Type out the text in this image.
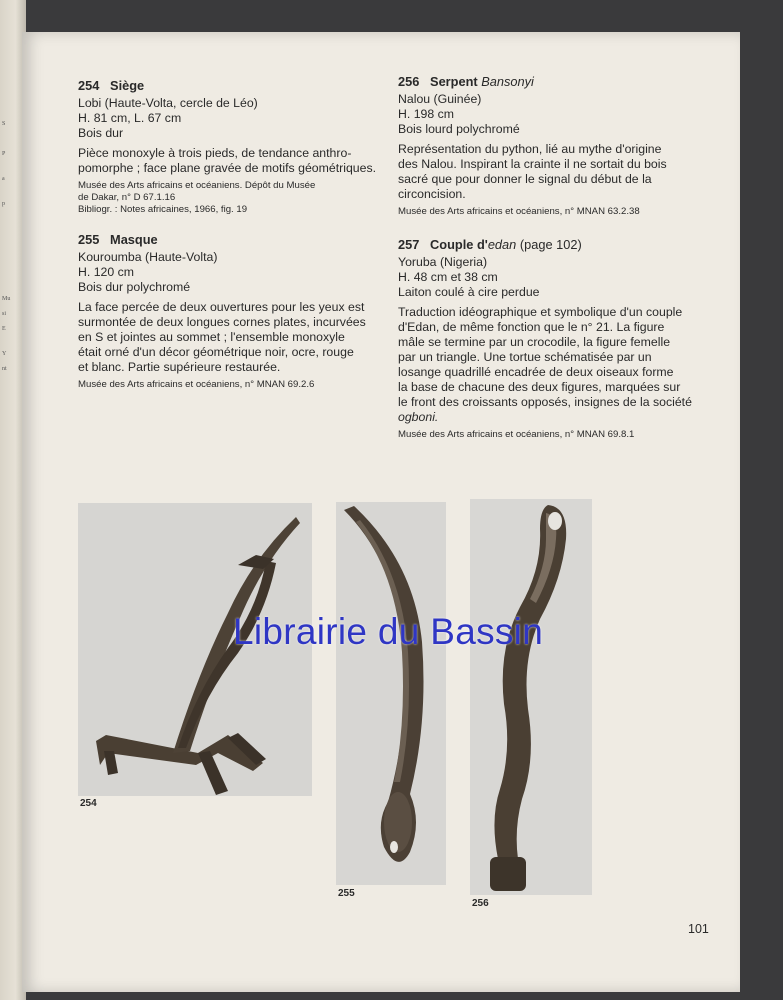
S
P
a
p
Mu
si
E
Y
nt
254 Siège
Lobi (Haute-Volta, cercle de Léo)
H. 81 cm, L. 67 cm
Bois dur
Pièce monoxyle à trois pieds, de tendance anthro-
pomorphe ; face plane gravée de motifs géométriques.
Musée des Arts africains et océaniens. Dépôt du Musée
de Dakar, n° D 67.1.16
Bibliogr. : Notes africaines, 1966, fig. 19
255 Masque
Kouroumba (Haute-Volta)
H. 120 cm
Bois dur polychromé
La face percée de deux ouvertures pour les yeux est
surmontée de deux longues cornes plates, incurvées
en S et jointes au sommet ; l'ensemble monoxyle
était orné d'un décor géométrique noir, ocre, rouge
et blanc. Partie supérieure restaurée.
Musée des Arts africains et océaniens, n° MNAN 69.2.6
256 Serpent Bansonyi
Nalou (Guinée)
H. 198 cm
Bois lourd polychromé
Représentation du python, lié au mythe d'origine
des Nalou. Inspirant la crainte il ne sortait du bois
sacré que pour donner le signal du début de la
circoncision.
Musée des Arts africains et océaniens, n° MNAN 63.2.38
257 Couple d'edan (page 102)
Yoruba (Nigeria)
H. 48 cm et 38 cm
Laiton coulé à cire perdue
Traduction idéographique et symbolique d'un couple
d'Edan, de même fonction que le n° 21. La figure
mâle se termine par un crocodile, la figure femelle
par un triangle. Une tortue schématisée par un
losange quadrillé encadrée de deux oiseaux forme
la base de chacune des deux figures, marquées sur
le front des croissants opposés, insignes de la société
ogboni.
Musée des Arts africains et océaniens, n° MNAN 69.8.1
254
255
256
Librairie du Bassin
101
